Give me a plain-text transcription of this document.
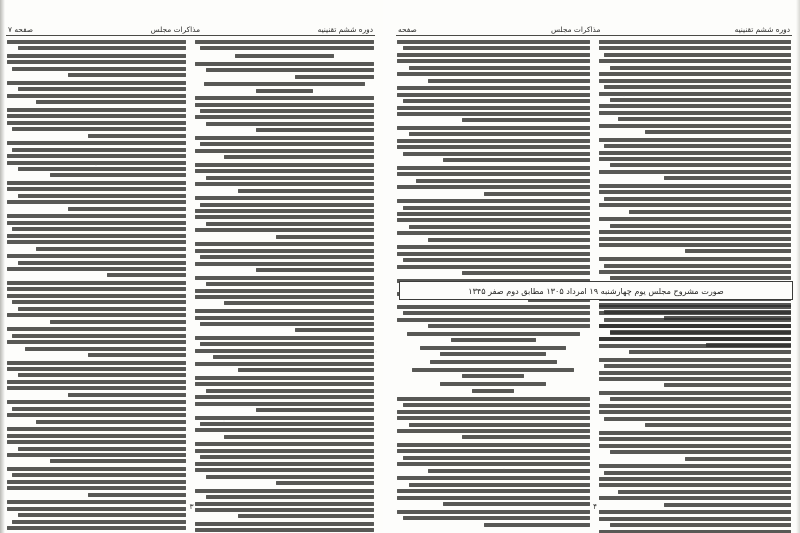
دوره ششم تقنینیه
مذاکرات مجلس
صفحه ۷
۳
دوره ششم تقنینیه
مذاکرات مجلس
صفحه
صورت مشروح مجلس یوم چهارشنبه ۱۹ امرداد ۱۳۰۵ مطابق دوم صفر ۱۳۴۵
۴
